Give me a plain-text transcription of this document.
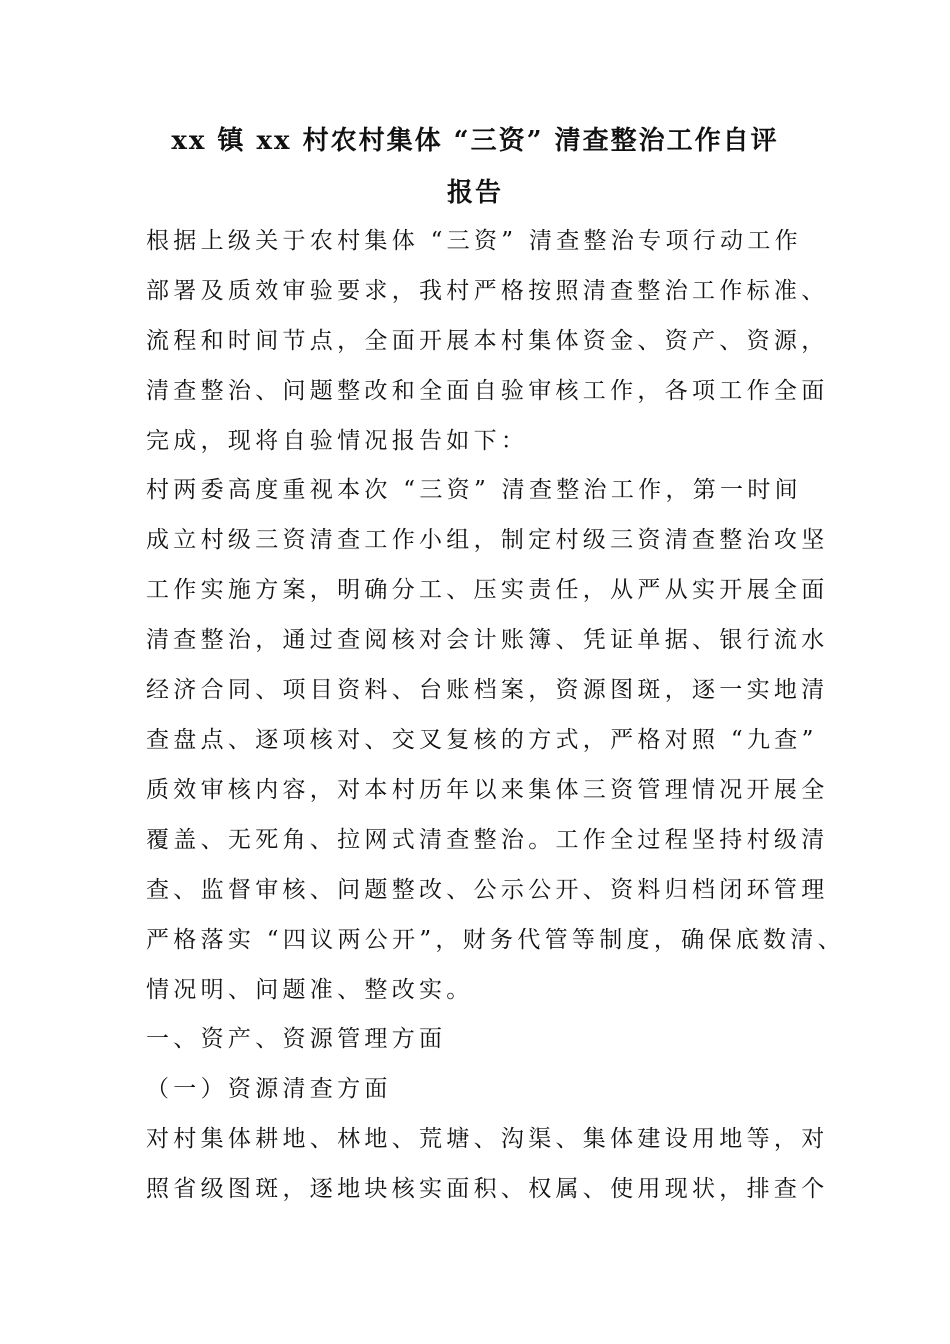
xx 镇 xx 村农村集体 “三资” 清查整治工作自评
报告
根据上级关于农村集体 “三资” 清查整治专项行动工作
部署及质效审验要求，我村严格按照清查整治工作标准、
流程和时间节点，全面开展本村集体资金、资产、资源，
清查整治、问题整改和全面自验审核工作，各项工作全面
完成，现将自验情况报告如下：
村两委高度重视本次 “三资” 清查整治工作，第一时间
成立村级三资清查工作小组，制定村级三资清查整治攻坚
工作实施方案，明确分工、压实责任，从严从实开展全面
清查整治，通过查阅核对会计账簿、凭证单据、银行流水
经济合同、项目资料、台账档案，资源图斑，逐一实地清
查盘点、逐项核对、交叉复核的方式，严格对照 “九查”
质效审核内容，对本村历年以来集体三资管理情况开展全
覆盖、无死角、拉网式清查整治。工作全过程坚持村级清
查、监督审核、问题整改、公示公开、资料归档闭环管理
严格落实 “四议两公开”，财务代管等制度，确保底数清、
情况明、问题准、整改实。
一、资产、资源管理方面
（一）资源清查方面
对村集体耕地、林地、荒塘、沟渠、集体建设用地等，对
照省级图斑，逐地块核实面积、权属、使用现状，排查个
